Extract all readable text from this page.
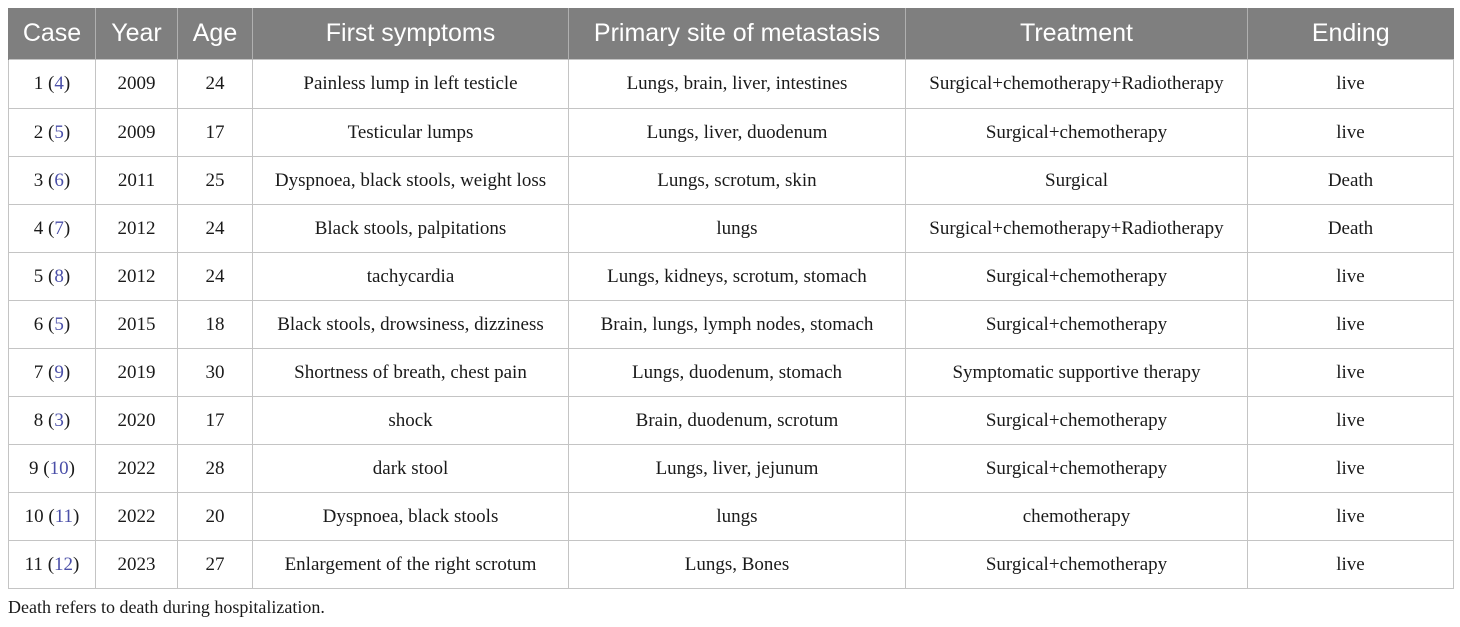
Case	Year	Age	First symptoms	Primary site of metastasis	Treatment	Ending
1 (4)	2009	24	Painless lump in left testicle	Lungs, brain, liver, intestines	Surgical+chemotherapy+Radiotherapy	live
2 (5)	2009	17	Testicular lumps	Lungs, liver, duodenum	Surgical+chemotherapy	live
3 (6)	2011	25	Dyspnoea, black stools, weight loss	Lungs, scrotum, skin	Surgical	Death
4 (7)	2012	24	Black stools, palpitations	lungs	Surgical+chemotherapy+Radiotherapy	Death
5 (8)	2012	24	tachycardia	Lungs, kidneys, scrotum, stomach	Surgical+chemotherapy	live
6 (5)	2015	18	Black stools, drowsiness, dizziness	Brain, lungs, lymph nodes, stomach	Surgical+chemotherapy	live
7 (9)	2019	30	Shortness of breath, chest pain	Lungs, duodenum, stomach	Symptomatic supportive therapy	live
8 (3)	2020	17	shock	Brain, duodenum, scrotum	Surgical+chemotherapy	live
9 (10)	2022	28	dark stool	Lungs, liver, jejunum	Surgical+chemotherapy	live
10 (11)	2022	20	Dyspnoea, black stools	lungs	chemotherapy	live
11 (12)	2023	27	Enlargement of the right scrotum	Lungs, Bones	Surgical+chemotherapy	live
Death refers to death during hospitalization.
